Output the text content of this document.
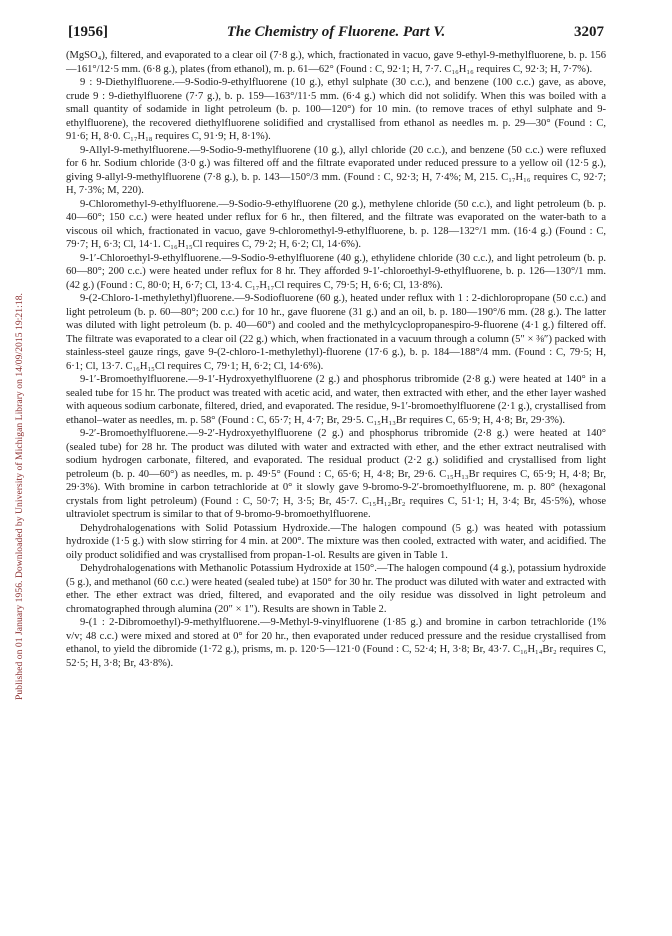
Published on 01 January 1956. Downloaded by University of Michigan Library on 14/09/2015 19:21:18.
[1956]	The Chemistry of Fluorene. Part V.	3207

(MgSO₄), filtered, and evaporated to a clear oil (7·8 g.), which, fractionated in vacuo, gave 9-ethyl-9-methylfluorene, b. p. 156—161°/12·5 mm. (6·8 g.), plates (from ethanol), m. p. 61—62° (Found : C, 92·1; H, 7·7. C₁₆H₁₆ requires C, 92·3; H, 7·7%).

9 : 9-Diethylfluorene.—9-Sodio-9-ethylfluorene (10 g.), ethyl sulphate (30 c.c.), and benzene (100 c.c.) gave, as above, crude 9 : 9-diethylfluorene (7·7 g.), b. p. 159—163°/11·5 mm. (6·4 g.) which did not solidify. When this was boiled with a small quantity of sodamide in light petroleum (b. p. 100—120°) for 10 min. (to remove traces of ethyl sulphate and 9-ethylfluorene), the recovered diethylfluorene solidified and crystallised from ethanol as needles m. p. 29—30° (Found : C, 91·6; H, 8·0. C₁₇H₁₈ requires C, 91·9; H, 8·1%).

9-Allyl-9-methylfluorene.—9-Sodio-9-methylfluorene (10 g.), allyl chloride (20 c.c.), and benzene (50 c.c.) were refluxed for 6 hr. Sodium chloride (3·0 g.) was filtered off and the filtrate evaporated under reduced pressure to a yellow oil (12·5 g.), giving 9-allyl-9-methylfluorene (7·8 g.), b. p. 143—150°/3 mm. (Found : C, 92·3; H, 7·4%; M, 215. C₁₇H₁₆ requires C, 92·7; H, 7·3%; M, 220).

9-Chloromethyl-9-ethylfluorene.—9-Sodio-9-ethylfluorene (20 g.), methylene chloride (50 c.c.), and light petroleum (b. p. 40—60°; 150 c.c.) were heated under reflux for 6 hr., then filtered, and the filtrate was evaporated on the water-bath to a viscous oil which, fractionated in vacuo, gave 9-chloromethyl-9-ethylfluorene, b. p. 128—132°/1 mm. (16·4 g.) (Found : C, 79·7; H, 6·3; Cl, 14·1. C₁₆H₁₅Cl requires C, 79·2; H, 6·2; Cl, 14·6%).

9-1′-Chloroethyl-9-ethylfluorene.—9-Sodio-9-ethylfluorene (40 g.), ethylidene chloride (30 c.c.), and light petroleum (b. p. 60—80°; 200 c.c.) were heated under reflux for 8 hr. They afforded 9-1′-chloroethyl-9-ethylfluorene, b. p. 126—130°/1 mm. (42 g.) (Found : C, 80·0; H, 6·7; Cl, 13·4. C₁₇H₁₇Cl requires C, 79·5; H, 6·6; Cl, 13·8%).

9-(2-Chloro-1-methylethyl)fluorene.—9-Sodiofluorene (60 g.), heated under reflux with 1 : 2-dichloropropane (50 c.c.) and light petroleum (b. p. 60—80°; 200 c.c.) for 10 hr., gave fluorene (31 g.) and an oil, b. p. 180—190°/6 mm. (28 g.). The latter was diluted with light petroleum (b. p. 40—60°) and cooled and the methylcyclopropanespiro-9-fluorene (4·1 g.) filtered off. The filtrate was evaporated to a clear oil (22 g.) which, when fractionated in a vacuum through a column (5″ × ⅜″) packed with stainless-steel gauze rings, gave 9-(2-chloro-1-methylethyl)-fluorene (17·6 g.), b. p. 184—188°/4 mm. (Found : C, 79·5; H, 6·1; Cl, 13·7. C₁₆H₁₅Cl requires C, 79·1; H, 6·2; Cl, 14·6%).

9-1′-Bromoethylfluorene.—9-1′-Hydroxyethylfluorene (2 g.) and phosphorus tribromide (2·8 g.) were heated at 140° in a sealed tube for 15 hr. The product was treated with acetic acid, and water, then extracted with ether, and the ether layer washed with aqueous sodium carbonate, filtered, dried, and evaporated. The residue, 9-1′-bromoethylfluorene (2·1 g.), crystallised from ethanol–water as needles, m. p. 58° (Found : C, 65·7; H, 4·7; Br, 29·5. C₁₅H₁₃Br requires C, 65·9; H, 4·8; Br, 29·3%).

9-2′-Bromoethylfluorene.—9-2′-Hydroxyethylfluorene (2 g.) and phosphorus tribromide (2·8 g.) were heated at 140° (sealed tube) for 28 hr. The product was diluted with water and extracted with ether, and the ether extract neutralised with sodium hydrogen carbonate, filtered, and evaporated. The residual product (2·2 g.) solidified and crystallised from light petroleum (b. p. 40—60°) as needles, m. p. 49·5° (Found : C, 65·6; H, 4·8; Br, 29·6. C₁₅H₁₃Br requires C, 65·9; H, 4·8; Br, 29·3%). With bromine in carbon tetrachloride at 0° it slowly gave 9-bromo-9-2′-bromoethylfluorene, m. p. 80° (hexagonal crystals from light petroleum) (Found : C, 50·7; H, 3·5; Br, 45·7. C₁₅H₁₂Br₂ requires C, 51·1; H, 3·4; Br, 45·5%), whose ultraviolet spectrum is similar to that of 9-bromo-9-bromoethylfluorene.

Dehydrohalogenations with Solid Potassium Hydroxide.—The halogen compound (5 g.) was heated with potassium hydroxide (1·5 g.) with slow stirring for 4 min. at 200°. The mixture was then cooled, extracted with water, and acidified. The oily product solidified and was crystallised from propan-1-ol. Results are given in Table 1.

Dehydrohalogenations with Methanolic Potassium Hydroxide at 150°.—The halogen compound (4 g.), potassium hydroxide (5 g.), and methanol (60 c.c.) were heated (sealed tube) at 150° for 30 hr. The product was diluted with water and extracted with ether. The ether extract was dried, filtered, and evaporated and the oily residue was dissolved in light petroleum and chromatographed through alumina (20″ × 1″). Results are shown in Table 2.

9-(1 : 2-Dibromoethyl)-9-methylfluorene.—9-Methyl-9-vinylfluorene (1·85 g.) and bromine in carbon tetrachloride (1% v/v; 48 c.c.) were mixed and stored at 0° for 20 hr., then evaporated under reduced pressure and the residue crystallised from ethanol, to yield the dibromide (1·72 g.), prisms, m. p. 120·5—121·0 (Found : C, 52·4; H, 3·8; Br, 43·7. C₁₆H₁₄Br₂ requires C, 52·5; H, 3·8; Br, 43·8%).
